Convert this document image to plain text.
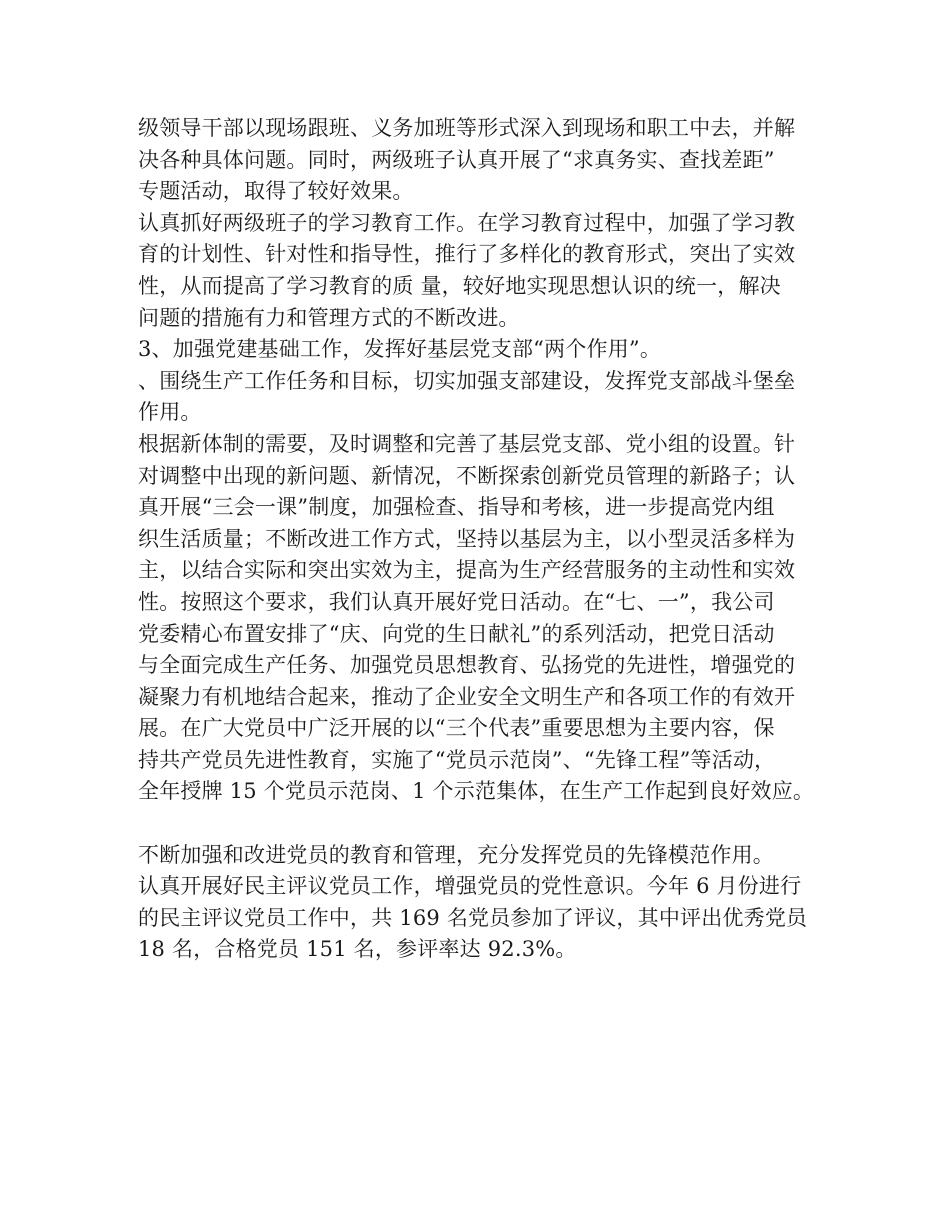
级领导干部以现场跟班、义务加班等形式深入到现场和职工中去，并解
决各种具体问题。同时，两级班子认真开展了“求真务实、查找差距”
专题活动，取得了较好效果。
认真抓好两级班子的学习教育工作。在学习教育过程中，加强了学习教
育的计划性、针对性和指导性，推行了多样化的教育形式，突出了实效
性，从而提高了学习教育的质 量，较好地实现思想认识的统一，解决
问题的措施有力和管理方式的不断改进。
3、加强党建基础工作，发挥好基层党支部“两个作用”。
、围绕生产工作任务和目标，切实加强支部建设，发挥党支部战斗堡垒
作用。
根据新体制的需要，及时调整和完善了基层党支部、党小组的设置。针
对调整中出现的新问题、新情况，不断探索创新党员管理的新路子；认
真开展“三会一课”制度，加强检查、指导和考核，进一步提高党内组
织生活质量；不断改进工作方式，坚持以基层为主，以小型灵活多样为
主，以结合实际和突出实效为主，提高为生产经营服务的主动性和实效
性。按照这个要求，我们认真开展好党日活动。在“七、一”，我公司
党委精心布置安排了“庆、向党的生日献礼”的系列活动，把党日活动
与全面完成生产任务、加强党员思想教育、弘扬党的先进性，增强党的
凝聚力有机地结合起来，推动了企业安全文明生产和各项工作的有效开
展。在广大党员中广泛开展的以“三个代表”重要思想为主要内容，保
持共产党员先进性教育，实施了“党员示范岗”、“先锋工程”等活动，
全年授牌 15 个党员示范岗、1 个示范集体，在生产工作起到良好效应。
不断加强和改进党员的教育和管理，充分发挥党员的先锋模范作用。
认真开展好民主评议党员工作，增强党员的党性意识。今年 6 月份进行
的民主评议党员工作中，共 169 名党员参加了评议，其中评出优秀党员
18 名，合格党员 151 名，参评率达 92.3%。
